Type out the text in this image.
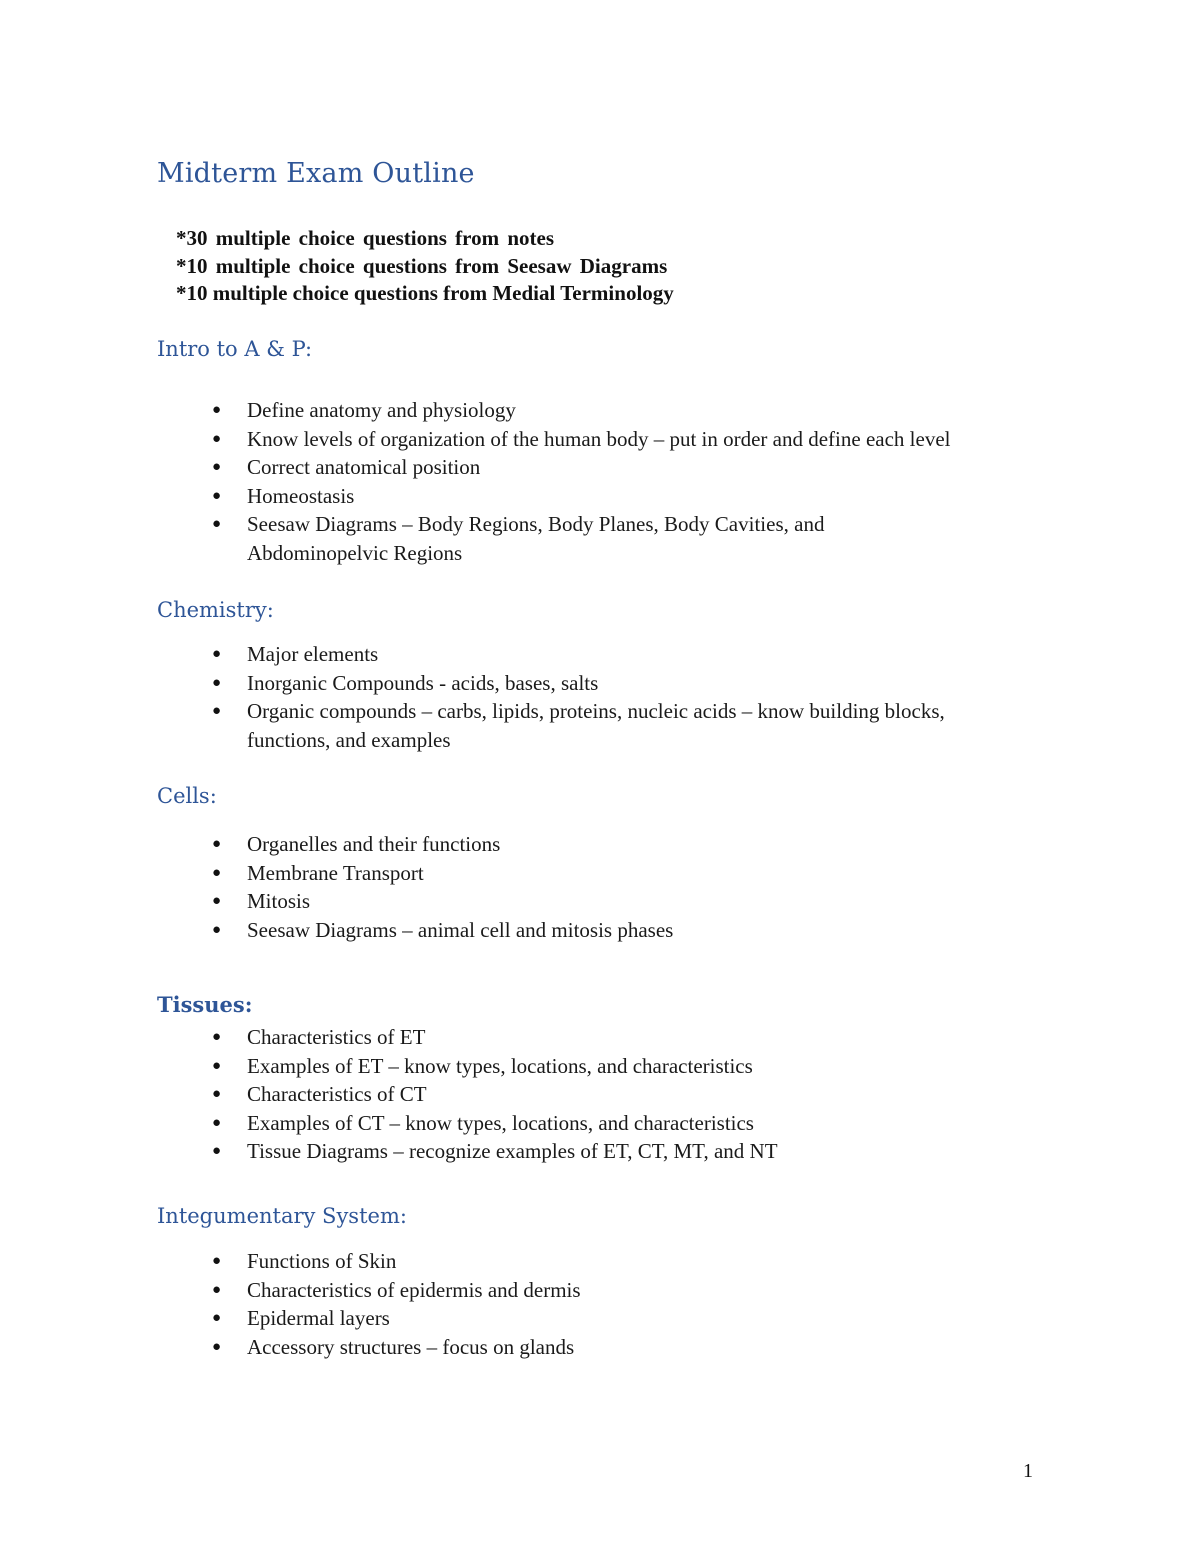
Midterm Exam Outline
*30 multiple choice questions from notes
*10 multiple choice questions from Seesaw Diagrams
*10 multiple choice questions from Medial Terminology
Intro to A & P:
● Define anatomy and physiology
● Know levels of organization of the human body – put in order and define each level
● Correct anatomical position
● Homeostasis
● Seesaw Diagrams – Body Regions, Body Planes, Body Cavities, and Abdominopelvic Regions
Chemistry:
● Major elements
● Inorganic Compounds - acids, bases, salts
● Organic compounds – carbs, lipids, proteins, nucleic acids – know building blocks, functions, and examples
Cells:
● Organelles and their functions
● Membrane Transport
● Mitosis
● Seesaw Diagrams – animal cell and mitosis phases
Tissues:
● Characteristics of ET
● Examples of ET – know types, locations, and characteristics
● Characteristics of CT
● Examples of CT – know types, locations, and characteristics
● Tissue Diagrams – recognize examples of ET, CT, MT, and NT
Integumentary System:
● Functions of Skin
● Characteristics of epidermis and dermis
● Epidermal layers
● Accessory structures – focus on glands
1
